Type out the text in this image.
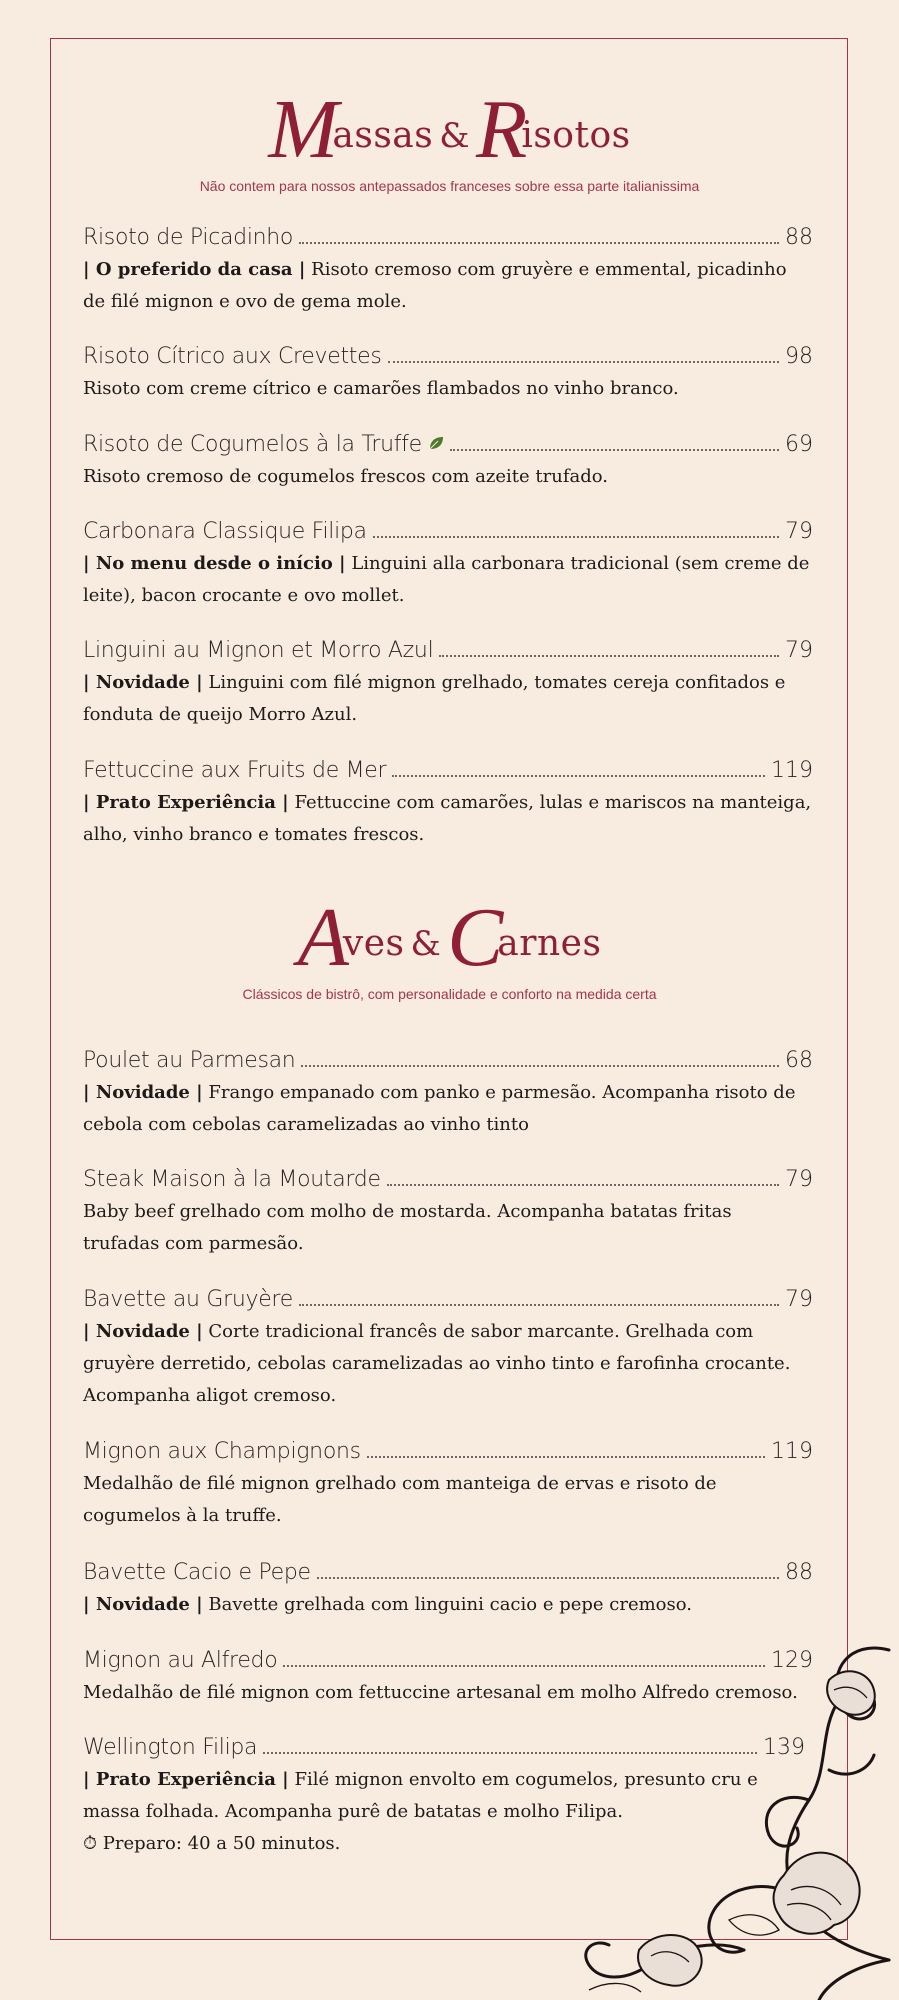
Massas &Risotos
Não contem para nossos antepassados franceses sobre essa parte italianissima
Risoto de Picadinho	88
| O preferido da casa | Risoto cremoso com gruyère e emmental, picadinho de filé mignon e ovo de gema mole.
Risoto Cítrico aux Crevettes	98
Risoto com creme cítrico e camarões flambados no vinho branco.
Risoto de Cogumelos à la Truffe	69
Risoto cremoso de cogumelos frescos com azeite trufado.
Carbonara Classique Filipa	79
| No menu desde o início | Linguini alla carbonara tradicional (sem creme de leite), bacon crocante e ovo mollet.
Linguini au Mignon et Morro Azul	79
| Novidade | Linguini com filé mignon grelhado, tomates cereja confitados e fonduta de queijo Morro Azul.
Fettuccine aux Fruits de Mer	119
| Prato Experiência | Fettuccine com camarões, lulas e mariscos na manteiga, alho, vinho branco e tomates frescos.
Aves &Carnes
Clássicos de bistrô, com personalidade e conforto na medida certa
Poulet au Parmesan	68
| Novidade | Frango empanado com panko e parmesão. Acompanha risoto de cebola com cebolas caramelizadas ao vinho tinto
Steak Maison à la Moutarde	79
Baby beef grelhado com molho de mostarda. Acompanha batatas fritas trufadas com parmesão.
Bavette au Gruyère	79
| Novidade | Corte tradicional francês de sabor marcante. Grelhada com gruyère derretido, cebolas caramelizadas ao vinho tinto e farofinha crocante. Acompanha aligot cremoso.
Mignon aux Champignons	119
Medalhão de filé mignon grelhado com manteiga de ervas e risoto de cogumelos à la truffe.
Bavette Cacio e Pepe	88
| Novidade | Bavette grelhada com linguini cacio e pepe cremoso.
Mignon au Alfredo	129
Medalhão de filé mignon com fettuccine artesanal em molho Alfredo cremoso.
Wellington Filipa	139
| Prato Experiência | Filé mignon envolto em cogumelos, presunto cru e massa folhada. Acompanha purê de batatas e molho Filipa.
⏱ Preparo: 40 a 50 minutos.
